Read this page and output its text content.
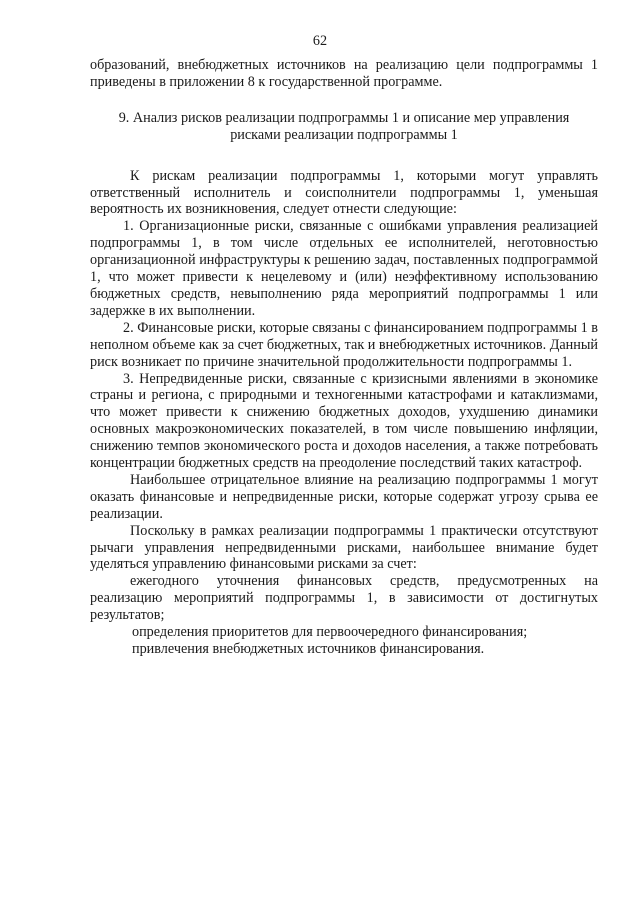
62

образований, внебюджетных источников на реализацию цели подпрограммы 1 приведены в приложении 8 к государственной программе.

9. Анализ рисков реализации подпрограммы 1 и описание мер управления рисками реализации подпрограммы 1

К рискам реализации подпрограммы 1, которыми могут управлять ответственный исполнитель и соисполнители подпрограммы 1, уменьшая вероятность их возникновения, следует отнести следующие:

1. Организационные риски, связанные с ошибками управления реализацией подпрограммы 1, в том числе отдельных ее исполнителей, неготовностью организационной инфраструктуры к решению задач, поставленных подпрограммой 1, что может привести к нецелевому и (или) неэффективному использованию бюджетных средств, невыполнению ряда мероприятий подпрограммы 1 или задержке в их выполнении.

2. Финансовые риски, которые связаны с финансированием подпрограммы 1 в неполном объеме как за счет бюджетных, так и внебюджетных источников. Данный риск возникает по причине значительной продолжительности подпрограммы 1.

3. Непредвиденные риски, связанные с кризисными явлениями в экономике страны и региона, с природными и техногенными катастрофами и катаклизмами, что может привести к снижению бюджетных доходов, ухудшению динамики основных макроэкономических показателей, в том числе повышению инфляции, снижению темпов экономического роста и доходов населения, а также потребовать концентрации бюджетных средств на преодоление последствий таких катастроф.

Наибольшее отрицательное влияние на реализацию подпрограммы 1 могут оказать финансовые и непредвиденные риски, которые содержат угрозу срыва ее реализации.

Поскольку в рамках реализации подпрограммы 1 практически отсутствуют рычаги управления непредвиденными рисками, наибольшее внимание будет уделяться управлению финансовыми рисками за счет:

ежегодного уточнения финансовых средств, предусмотренных на реализацию мероприятий подпрограммы 1, в зависимости от достигнутых результатов;

определения приоритетов для первоочередного финансирования;

привлечения внебюджетных источников финансирования.
